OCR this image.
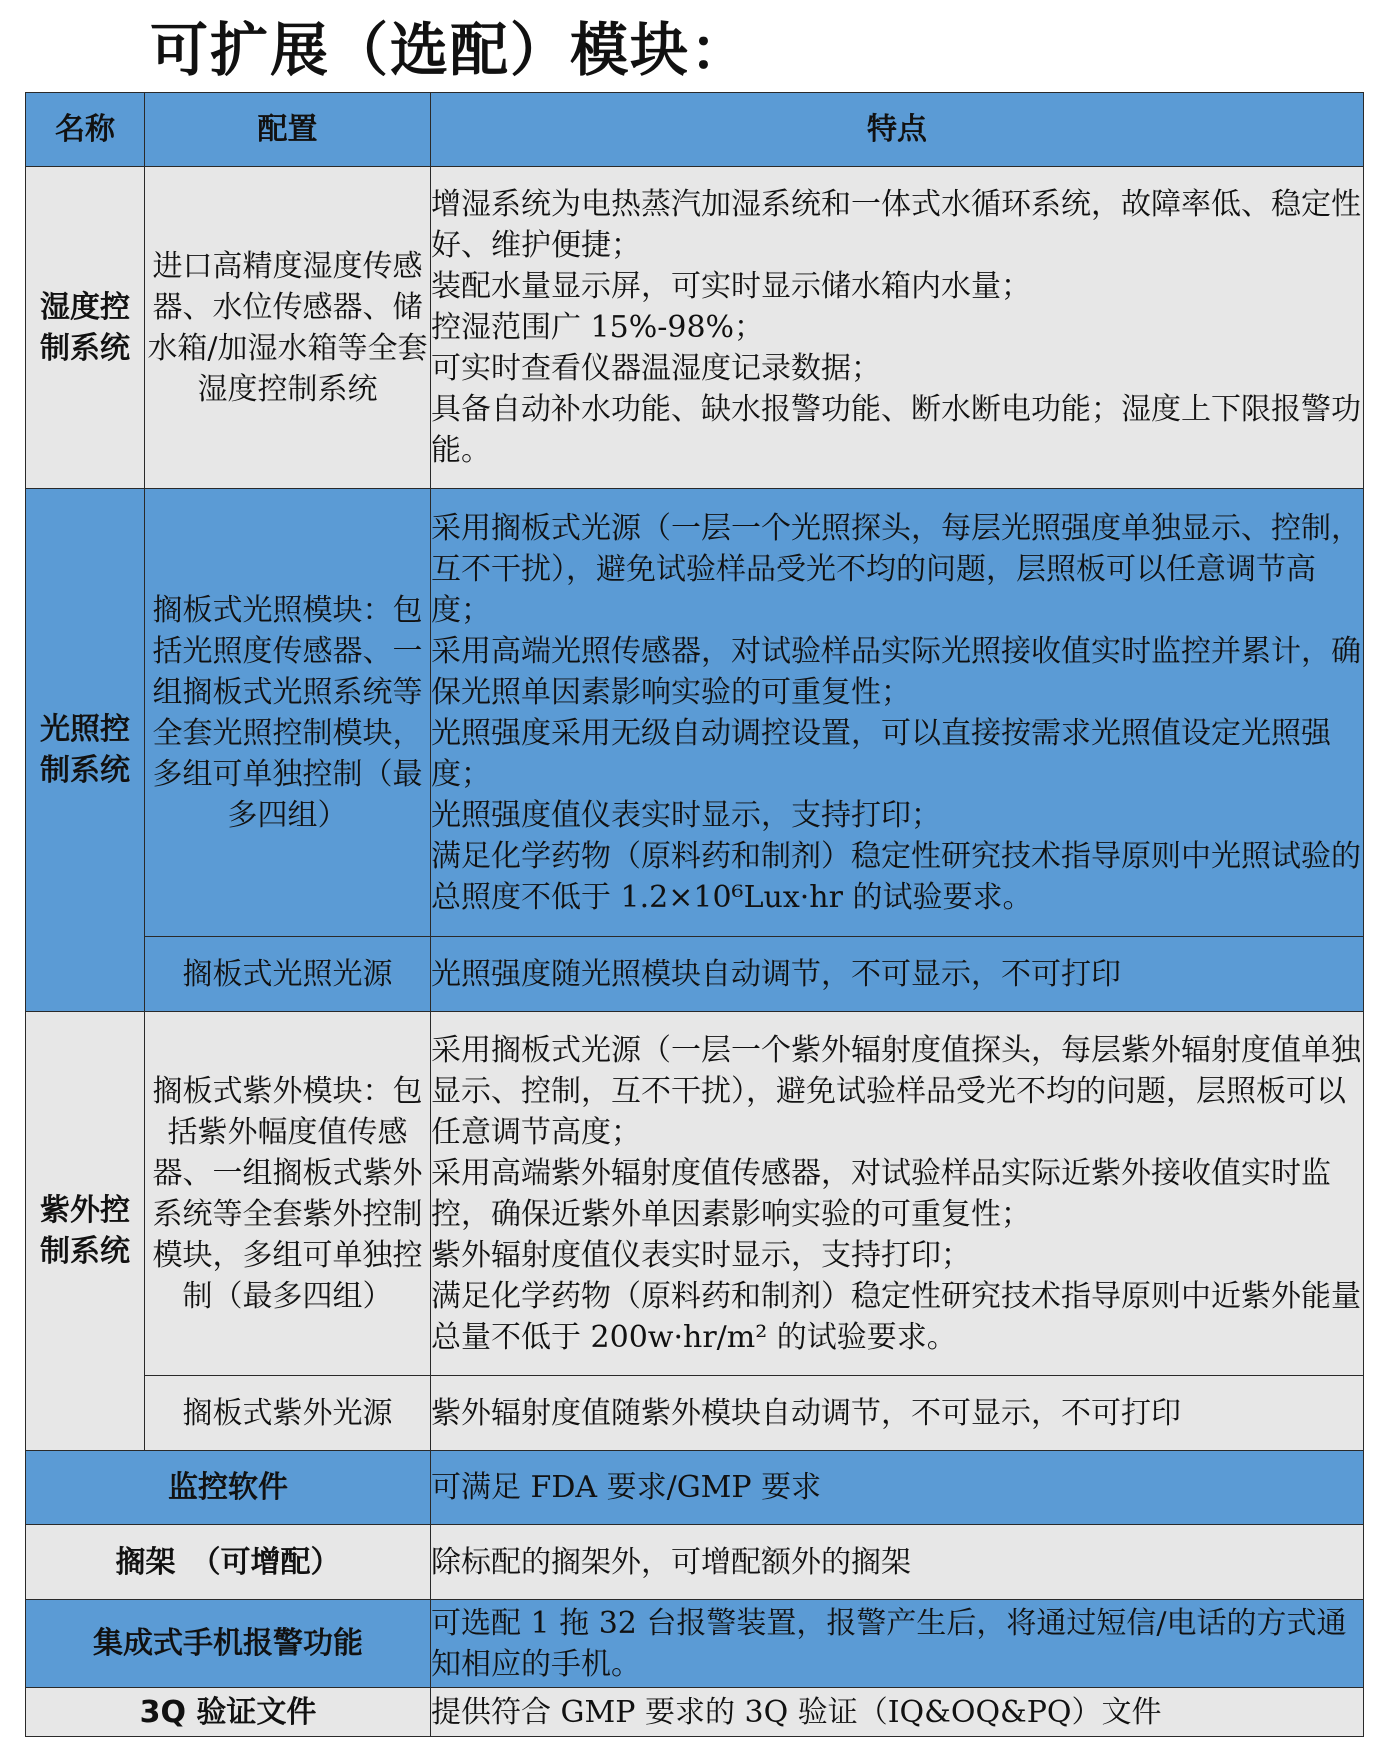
可扩展（选配）模块：
名称	配置	特点
湿度控制系统	进口高精度湿度传感器、水位传感器、储水箱/加湿水箱等全套湿度控制系统	增湿系统为电热蒸汽加湿系统和一体式水循环系统，故障率低、稳定性好、维护便捷；
装配水量显示屏，可实时显示储水箱内水量；
控湿范围广 15%-98%；
可实时查看仪器温湿度记录数据；
具备自动补水功能、缺水报警功能、断水断电功能；湿度上下限报警功能。

光照控制系统	搁板式光照模块：包括光照度传感器、一组搁板式光照系统等全套光照控制模块，多组可单独控制（最多四组）	采用搁板式光源（一层一个光照探头，每层光照强度单独显示、控制，互不干扰），避免试验样品受光不均的问题，层照板可以任意调节高度；
采用高端光照传感器，对试验样品实际光照接收值实时监控并累计，确保光照单因素影响实验的可重复性；
光照强度采用无级自动调控设置，可以直接按需求光照值设定光照强度；
光照强度值仪表实时显示，支持打印；
满足化学药物（原料药和制剂）稳定性研究技术指导原则中光照试验的总照度不低于 1.2×10⁶Lux·hr 的试验要求。

	搁板式光照光源	光照强度随光照模块自动调节，不可显示，不可打印
紫外控制系统	搁板式紫外模块：包括紫外幅度值传感器、一组搁板式紫外系统等全套紫外控制模块，多组可单独控制（最多四组）	采用搁板式光源（一层一个紫外辐射度值探头，每层紫外辐射度值单独显示、控制，互不干扰），避免试验样品受光不均的问题，层照板可以任意调节高度；
采用高端紫外辐射度值传感器，对试验样品实际近紫外接收值实时监控，确保近紫外单因素影响实验的可重复性；
紫外辐射度值仪表实时显示，支持打印；
满足化学药物（原料药和制剂）稳定性研究技术指导原则中近紫外能量总量不低于 200w·hr/m² 的试验要求。

	搁板式紫外光源	紫外辐射度值随紫外模块自动调节，不可显示，不可打印
监控软件		可满足 FDA 要求/GMP 要求
搁架　（可增配）		除标配的搁架外，可增配额外的搁架
集成式手机报警功能		可选配 1 拖 32 台报警装置，报警产生后，将通过短信/电话的方式通知相应的手机。
3Q 验证文件		提供符合 GMP 要求的 3Q 验证（IQ&OQ&PQ）文件
